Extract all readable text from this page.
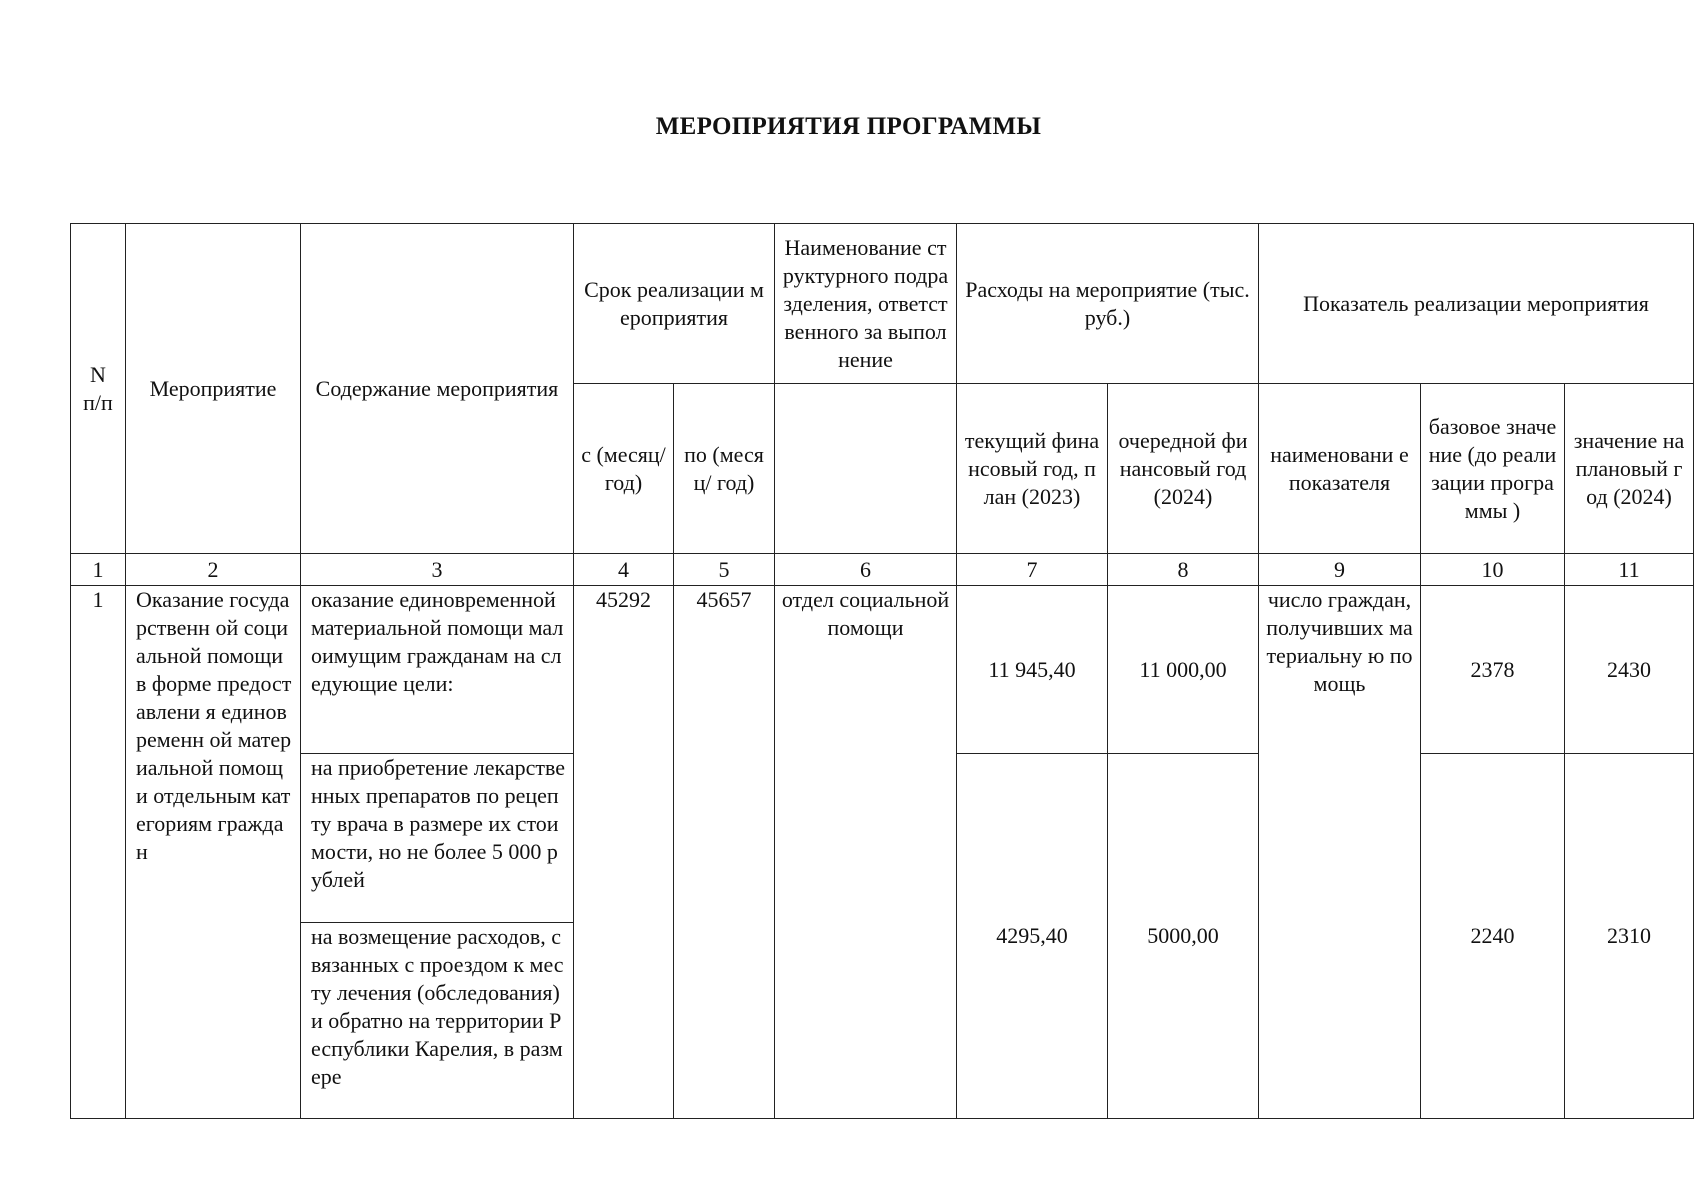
МЕРОПРИЯТИЯ ПРОГРАММЫ
N
п/п	Мероприятие	Содержание мероприятия	Срок реализации мероприятия		Наименование структурного подразделения, ответственного за выполнение	Расходы на мероприятие (тыс. руб.)		Показатель реализации мероприятия		
			с (месяц/ год)	по (месяц/ год)		текущий финансовый год, план (2023)	очередной финансовый год (2024)	наименовани е показателя	базовое значение (до реализации программы )	значение на плановый год (2024)
1	2	3	4	5	6	7	8	9	10	11
1	Оказание государственн ой социальной помощи в форме предоставлени я единовременн ой материальной помощи отдельным категориям граждан	оказание единовременной материальной помощи малоимущим гражданам на следующие цели:	45292	45657	отдел социальной помощи	11 945,40	11 000,00	число граждан, получивших материальну ю помощь	2378	2430
		на приобретение лекарственных препаратов по рецепту врача в размере их стоимости, но не более 5 000 рублей				4295,40	5000,00		2240	2310
		на возмещение расходов, связанных с проездом к месту лечения (обследования) и обратно на территории Республики Карелия, в размере								
